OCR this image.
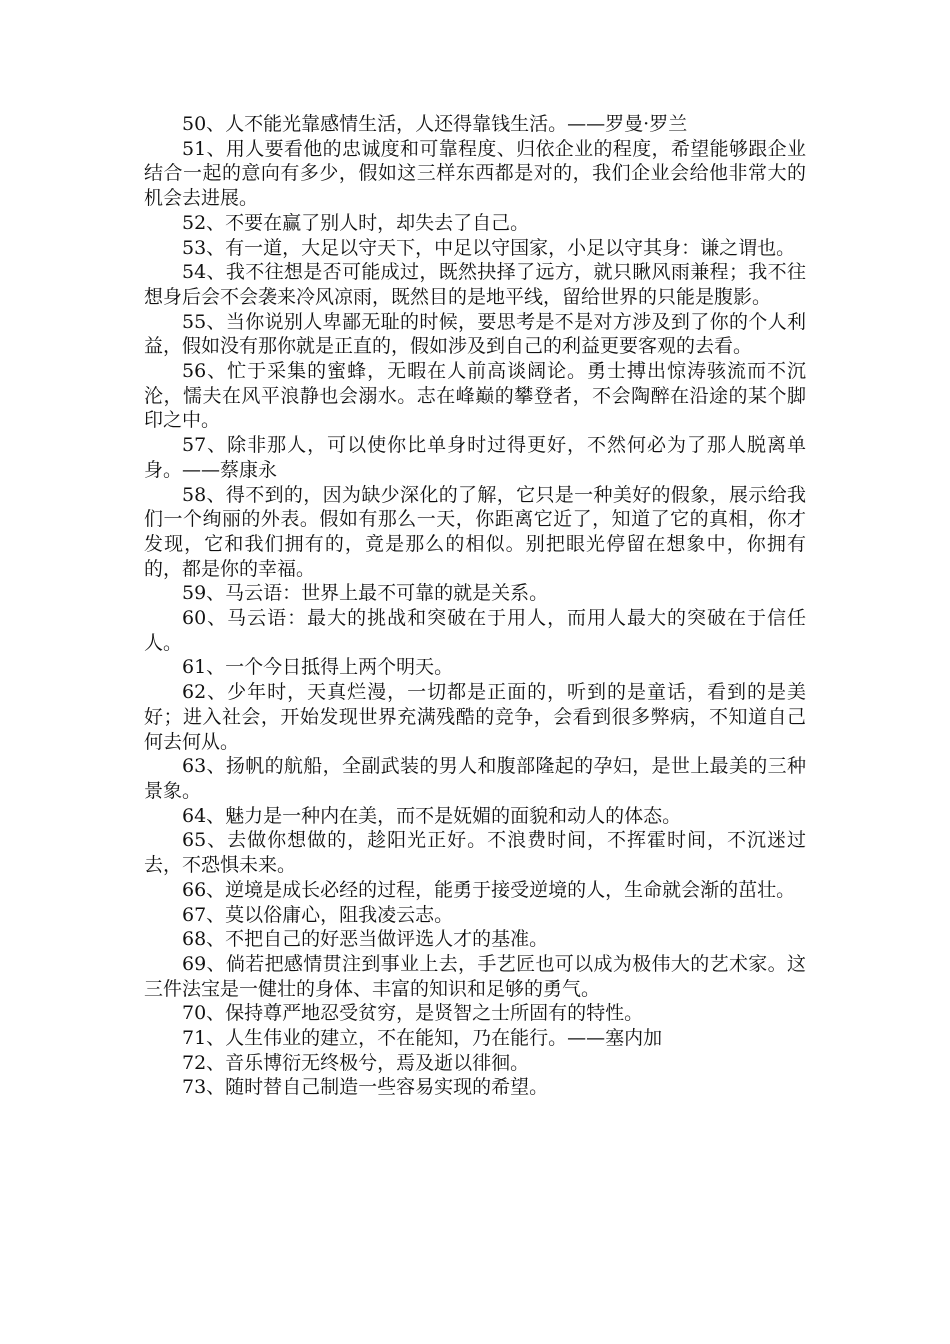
50、人不能光靠感情生活，人还得靠钱生活。——罗曼·罗兰

51、用人要看他的忠诚度和可靠程度、归依企业的程度，希望能够跟企业结合一起的意向有多少，假如这三样东西都是对的，我们企业会给他非常大的机会去进展。

52、不要在赢了别人时，却失去了自己。

53、有一道，大足以守天下，中足以守国家，小足以守其身：谦之谓也。

54、我不往想是否可能成过，既然抉择了远方，就只瞅风雨兼程；我不往想身后会不会袭来冷风凉雨，既然目的是地平线，留给世界的只能是腹影。

55、当你说别人卑鄙无耻的时候，要思考是不是对方涉及到了你的个人利益，假如没有那你就是正直的，假如涉及到自己的利益更要客观的去看。

56、忙于采集的蜜蜂，无暇在人前高谈阔论。勇士搏出惊涛骇流而不沉沦，懦夫在风平浪静也会溺水。志在峰巅的攀登者，不会陶醉在沿途的某个脚印之中。

57、除非那人，可以使你比单身时过得更好，不然何必为了那人脱离单身。——蔡康永

58、得不到的，因为缺少深化的了解，它只是一种美好的假象，展示给我们一个绚丽的外表。假如有那么一天，你距离它近了，知道了它的真相，你才发现，它和我们拥有的，竟是那么的相似。别把眼光停留在想象中，你拥有的，都是你的幸福。

59、马云语：世界上最不可靠的就是关系。

60、马云语：最大的挑战和突破在于用人，而用人最大的突破在于信任人。

61、一个今日抵得上两个明天。

62、少年时，天真烂漫，一切都是正面的，听到的是童话，看到的是美好；进入社会，开始发现世界充满残酷的竞争，会看到很多弊病，不知道自己何去何从。

63、扬帆的航船，全副武装的男人和腹部隆起的孕妇，是世上最美的三种景象。

64、魅力是一种内在美，而不是妩媚的面貌和动人的体态。

65、去做你想做的，趁阳光正好。不浪费时间，不挥霍时间，不沉迷过去，不恐惧未来。

66、逆境是成长必经的过程，能勇于接受逆境的人，生命就会渐的茁壮。

67、莫以俗庸心，阻我凌云志。

68、不把自己的好恶当做评选人才的基准。

69、倘若把感情贯注到事业上去，手艺匠也可以成为极伟大的艺术家。这三件法宝是一健壮的身体、丰富的知识和足够的勇气。

70、保持尊严地忍受贫穷，是贤智之士所固有的特性。

71、人生伟业的建立，不在能知，乃在能行。——塞内加

72、音乐博衍无终极兮，焉及逝以徘徊。

73、随时替自己制造一些容易实现的希望。
